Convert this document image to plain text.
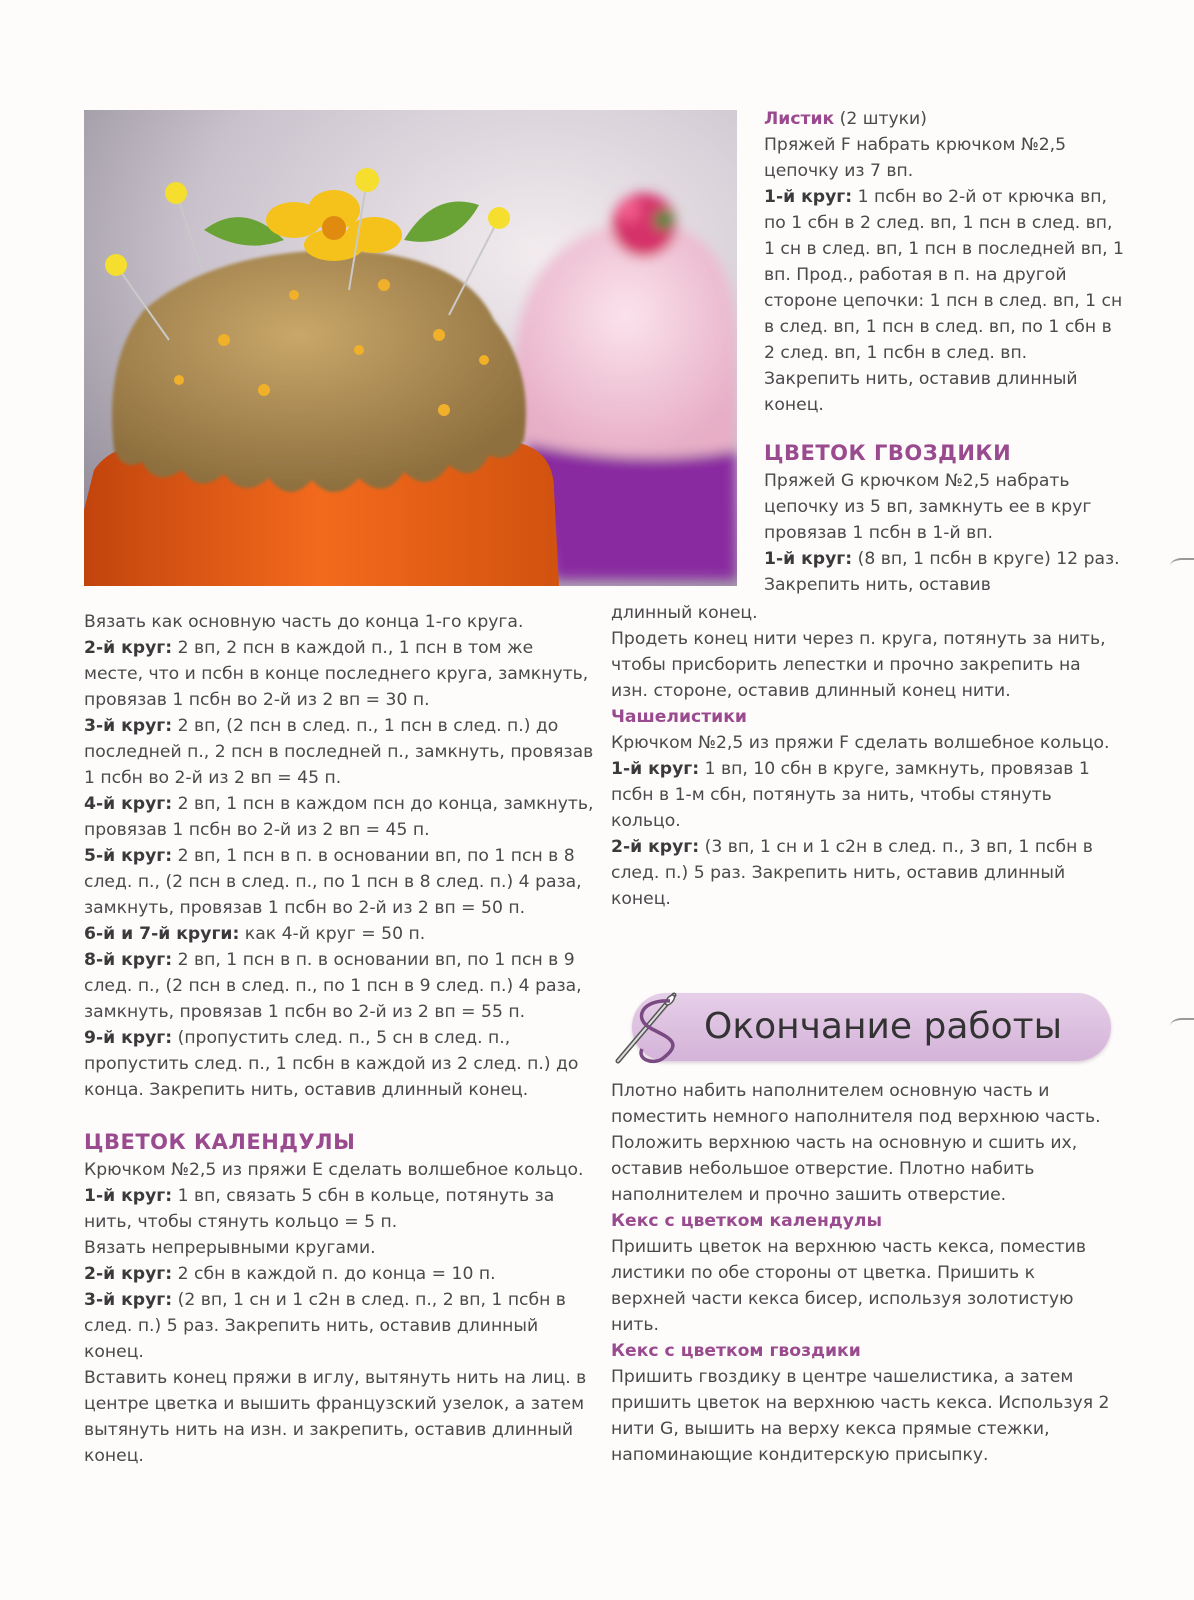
Листик (2 штуки)

Пряжей F набрать крючком №2,5 цепочку из 7 вп.

1-й круг: 1 псбн во 2-й от крючка вп, по 1 сбн в 2 след. вп, 1 псн в след. вп, 1 сн в след. вп, 1 псн в последней вп, 1 вп. Прод., работая в п. на другой стороне цепочки: 1 псн в след. вп, 1 сн в след. вп, 1 псн в след. вп, по 1 сбн в 2 след. вп, 1 псбн в след. вп. Закрепить нить, оставив длинный конец.

ЦВЕТОК ГВОЗДИКИ

Пряжей G крючком №2,5 набрать цепочку из 5 вп, замкнуть ее в круг провязав 1 псбн в 1-й вп.

1-й круг: (8 вп, 1 псбн в круге) 12 раз. Закрепить нить, оставив

длинный конец.

Продеть конец нити через п. круга, потянуть за нить, чтобы присборить лепестки и прочно закрепить на изн. стороне, оставив длинный конец нити.

Чашелистики

Крючком №2,5 из пряжи F сделать волшебное кольцо.

1-й круг: 1 вп, 10 сбн в круге, замкнуть, провязав 1 псбн в 1-м сбн, потянуть за нить, чтобы стянуть кольцо.

2-й круг: (3 вп, 1 сн и 1 с2н в след. п., 3 вп, 1 псбн в след. п.) 5 раз. Закрепить нить, оставив длинный конец.

Вязать как основную часть до конца 1-го круга.

2-й круг: 2 вп, 2 псн в каждой п., 1 псн в том же месте, что и псбн в конце последнего круга, замкнуть, провязав 1 псбн во 2-й из 2 вп = 30 п.

3-й круг: 2 вп, (2 псн в след. п., 1 псн в след. п.) до последней п., 2 псн в последней п., замкнуть, провязав 1 псбн во 2-й из 2 вп = 45 п.

4-й круг: 2 вп, 1 псн в каждом псн до конца, замкнуть, провязав 1 псбн во 2-й из 2 вп = 45 п.

5-й круг: 2 вп, 1 псн в п. в основании вп, по 1 псн в 8 след. п., (2 псн в след. п., по 1 псн в 8 след. п.) 4 раза, замкнуть, провязав 1 псбн во 2-й из 2 вп = 50 п.

6-й и 7-й круги: как 4-й круг = 50 п.

8-й круг: 2 вп, 1 псн в п. в основании вп, по 1 псн в 9 след. п., (2 псн в след. п., по 1 псн в 9 след. п.) 4 раза, замкнуть, провязав 1 псбн во 2-й из 2 вп = 55 п.

9-й круг: (пропустить след. п., 5 сн в след. п., пропустить след. п., 1 псбн в каждой из 2 след. п.) до конца. Закрепить нить, оставив длинный конец.

ЦВЕТОК КАЛЕНДУЛЫ

Крючком №2,5 из пряжи E сделать волшебное кольцо.

1-й круг: 1 вп, связать 5 сбн в кольце, потянуть за нить, чтобы стянуть кольцо = 5 п.

Вязать непрерывными кругами.

2-й круг: 2 сбн в каждой п. до конца = 10 п.

3-й круг: (2 вп, 1 сн и 1 с2н в след. п., 2 вп, 1 псбн в след. п.) 5 раз. Закрепить нить, оставив длинный конец.

Вставить конец пряжи в иглу, вытянуть нить на лиц. в центре цветка и вышить французский узелок, а затем вытянуть нить на изн. и закрепить, оставив длинный конец.

Окончание работы

Плотно набить наполнителем основную часть и поместить немного наполнителя под верхнюю часть. Положить верхнюю часть на основную и сшить их, оставив небольшое отверстие. Плотно набить наполнителем и прочно зашить отверстие.

Кекс с цветком календулы

Пришить цветок на верхнюю часть кекса, поместив листики по обе стороны от цветка. Пришить к верхней части кекса бисер, используя золотистую нить.

Кекс с цветком гвоздики

Пришить гвоздику в центре чашелистика, а затем пришить цветок на верхнюю часть кекса. Используя 2 нити G, вышить на верху кекса прямые стежки, напоминающие кондитерскую присыпку.
